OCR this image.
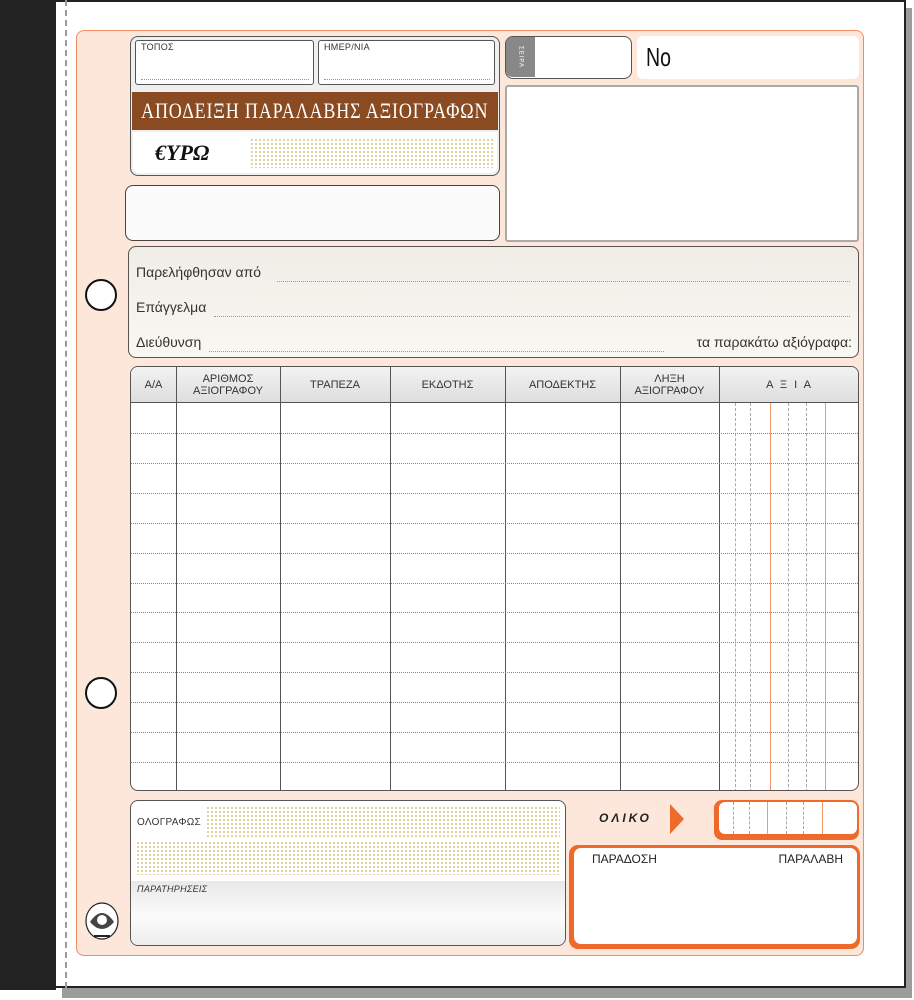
ΤΟΠΟΣ	ΗΜΕΡ/ΝΙΑ
ΑΠΟΔΕΙΞΗ ΠΑΡΑΛΑΒΗΣ ΑΞΙΟΓΡΑΦΩΝ
€ΥΡΩ
ΣΕΙΡΑ	No
Παρελήφθησαν από
Επάγγελμα
Διεύθυνση	τα παρακάτω αξιόγραφα:
Α/Α	ΑΡΙΘΜΟΣ ΑΞΙΟΓΡΑΦΟΥ	ΤΡΑΠΕΖΑ	ΕΚΔΟΤΗΣ	ΑΠΟΔΕΚΤΗΣ	ΛΗΞΗ ΑΞΙΟΓΡΑΦΟΥ	Α Ξ Ι Α
ΟΛΟΓΡΑΦΩΣ
ΠΑΡΑΤΗΡΗΣΕΙΣ
ΟΛΙΚΟ
ΠΑΡΑΔΟΣΗ	ΠΑΡΑΛΑΒΗ
